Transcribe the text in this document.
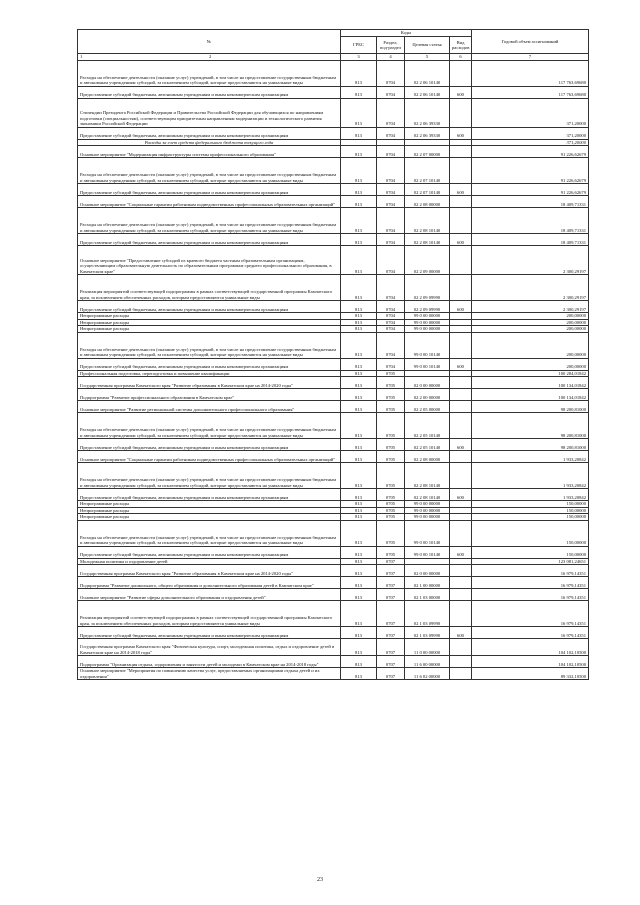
№	Коды				Годовой объем ассигнований
	ГРБС	Раздел, под-раздел	Целевая статья	Вид расходов	

1 2	3	4	5	6	7
Расходы на обеспечение деятельности (оказание услуг) учреждений, в том числе на предоставление государственным бюджетным и автономным учреждениям субсидий, за исключением субсидий, которые предоставляются на уникальные виды	813	0704	02 2 06 10140		117 763,69680
Предоставление субсидий бюджетным, автономным учреждениям и иным некоммерческим организациям	813	0704	02 2 06 10140	600	117 763,69680
Стипендии Президента Российской Федерации и Правительства Российской Федерации для обучающихся по направлениям подготовки (специальностям), соответствующим приоритетным направлениям модернизации и технологического развития экономики Российской Федерации	813	0704	02 2 06 39330		371,20000
Предоставление субсидий бюджетным, автономным учреждениям и иным некоммерческим организациям	813	0704	02 2 06 39330	600	371,20000
Расходы за счет средств федерального бюджета текущего года					371,20000
Основное мероприятие "Модернизация инфраструктуры системы профессионального образования"	813	0704	02 2 07 00000		91 226,62679
Расходы на обеспечение деятельности (оказание услуг) учреждений, в том числе на предоставление государственным бюджетным и автономным учреждениям субсидий, за исключением субсидий, которые предоставляются на уникальные виды	813	0704	02 2 07 10140		91 226,62679
Предоставление субсидий бюджетным, автономным учреждениям и иным некоммерческим организациям	813	0704	02 2 07 10140	600	91 226,62679
Основное мероприятие "Социальные гарантии работникам подведомственных профессиональных образовательных организаций"	813	0704	02 2 08 00000		18 409,71331
Расходы на обеспечение деятельности (оказание услуг) учреждений, в том числе на предоставление государственным бюджетным и автономным учреждениям субсидий, за исключением субсидий, которые предоставляются на уникальные виды	813	0704	02 2 08 10140		18 409,71331
Предоставление субсидий бюджетным, автономным учреждениям и иным некоммерческим организациям	813	0704	02 2 08 10140	600	18 409,71331
Основное мероприятие "Предоставление субсидий из краевого бюджета частным образовательным организациям, осуществляющим образовательную деятельность по образовательным программам среднего профессионального образования, в Камчатском крае"	813	0704	02 2 09 00000		2 300,29197
Реализация мероприятий соответствующей подпрограммы в рамках соответствующей государственной программы Камчатского края, за исключением обеспеченных расходов, которым предоставляются уникальные виды	813	0704	02 2 09 09990		2 300,29197
Предоставление субсидий бюджетным, автономным учреждениям и иным некоммерческим организациям	813	0704	02 2 09 09990	600	2 300,29197
Непрограммные расходы	813	0704	99 0 00 00000		200,00000
Непрограммные расходы	813	0704	99 0 00 00000		200,00000
Непрограммные расходы	813	0704	99 0 00 00000		200,00000
Расходы на обеспечение деятельности (оказание услуг) учреждений, в том числе на предоставление государственным бюджетным и автономным учреждениям субсидий, за исключением субсидий, которые предоставляются на уникальные виды	813	0704	99 0 00 10140		200,00000
Предоставление субсидий бюджетным, автономным учреждениям и иным некоммерческим организациям	813	0704	99 0 00 10140	600	200,00000
Профессиональная подготовка, переподготовка и повышение квалификации	813	0705			100 284,01842
Государственная программа Камчатского края "Развитие образования в Камчатском крае на 2014-2020 годы"	813	0705	02 0 00 00000		100 134,01842
Подпрограмма "Развитие профессионального образования в Камчатском крае"	813	0705	02 2 00 00000		100 134,01842
Основное мероприятие "Развитие региональной системы дополнительного профессионального образования"	813	0705	02 2 05 00000		98 200,81000
Расходы на обеспечение деятельности (оказание услуг) учреждений, в том числе на предоставление государственным бюджетным и автономным учреждениям субсидий, за исключением субсидий, которые предоставляются на уникальные виды	813	0705	02 2 05 10140		98 200,81000
Предоставление субсидий бюджетным, автономным учреждениям и иным некоммерческим организациям	813	0705	02 2 05 10140	600	98 200,81000
Основное мероприятие "Социальные гарантии работникам подведомственных профессиональных образовательных организаций"	813	0705	02 2 08 00000		1 933,20842
Расходы на обеспечение деятельности (оказание услуг) учреждений, в том числе на предоставление государственным бюджетным и автономным учреждениям субсидий, за исключением субсидий, которые предоставляются на уникальные виды	813	0705	02 2 08 10140		1 933,20842
Предоставление субсидий бюджетным, автономным учреждениям и иным некоммерческим организациям	813	0705	02 2 08 10140	600	1 933,20842
Непрограммные расходы	813	0705	99 0 00 00000		150,00000
Непрограммные расходы	813	0705	99 0 00 00000		150,00000
Непрограммные расходы	813	0705	99 0 00 00000		150,00000
Расходы на обеспечение деятельности (оказание услуг) учреждений, в том числе на предоставление государственным бюджетным и автономным учреждениям субсидий, за исключением субсидий, которые предоставляются на уникальные виды	813	0705	99 0 00 10140		150,00000
Предоставление субсидий бюджетным, автономным учреждениям и иным некоммерческим организациям	813	0705	99 0 00 10140	600	150,00000
Молодежная политика и оздоровление детей	813	0707			123 081,24651
Государственная программа Камчатского края "Развитие образования в Камчатском крае на 2014-2020 годы"	813	0707	02 0 00 00000		16 979,14351
Подпрограмма "Развитие дошкольного, общего образования и дополнительного образования детей в Камчатском крае"	813	0707	02 1 00 00000		16 979,14351
Основное мероприятие "Развитие сферы дополнительного образования и оздоровления детей"	813	0707	02 1 03 00000		16 979,14351
Реализация мероприятий соответствующей подпрограммы в рамках соответствующей государственной программы Камчатского края, за исключением обеспеченных расходов, которым предоставляются уникальные виды	813	0707	02 1 03 09990		16 979,14351
Предоставление субсидий бюджетным, автономным учреждениям и иным некоммерческим организациям	813	0707	02 1 03 09990	600	16 979,14351
Государственная программа Камчатского края "Физическая культура, спорт, молодежная политика, отдых и оздоровление детей в Камчатском крае на 2014-2018 годы"	813	0707	11 0 00 00000		104 102,10500
Подпрограмма "Организация отдыха, оздоровления и занятости детей и молодежи в Камчатском крае на 2014-2018 годы"	813	0707	11 6 00 00000		104 102,10500
Основное мероприятие "Мероприятия по повышению качества услуг, предоставляемых организациями отдыха детей и их оздоровления"	813	0707	11 6 02 00000		89 332,10500
23
